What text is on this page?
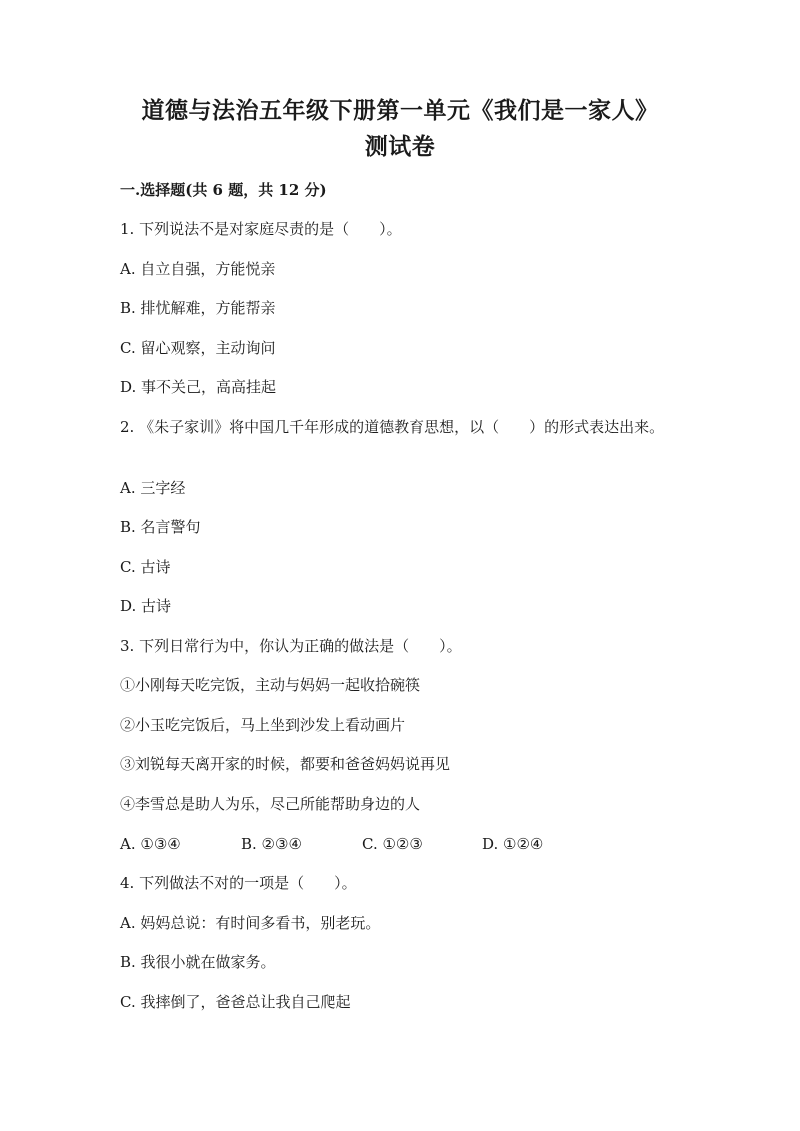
道德与法治五年级下册第一单元《我们是一家人》
测试卷
一.选择题(共 6 题，共 12 分)
1. 下列说法不是对家庭尽责的是（　　）。
A. 自立自强，方能悦亲
B. 排忧解难，方能帮亲
C. 留心观察，主动询问
D. 事不关己，高高挂起
2. 《朱子家训》将中国几千年形成的道德教育思想，以（　　）的形式表达出来。
A. 三字经
B. 名言警句
C. 古诗
D. 古诗
3. 下列日常行为中，你认为正确的做法是（　　）。
①小刚每天吃完饭，主动与妈妈一起收拾碗筷
②小玉吃完饭后，马上坐到沙发上看动画片
③刘锐每天离开家的时候，都要和爸爸妈妈说再见
④李雪总是助人为乐，尽己所能帮助身边的人
A. ①③④	B. ②③④	C. ①②③	D. ①②④
4. 下列做法不对的一项是（　　）。
A. 妈妈总说：有时间多看书，别老玩。
B. 我很小就在做家务。
C. 我摔倒了，爸爸总让我自己爬起
